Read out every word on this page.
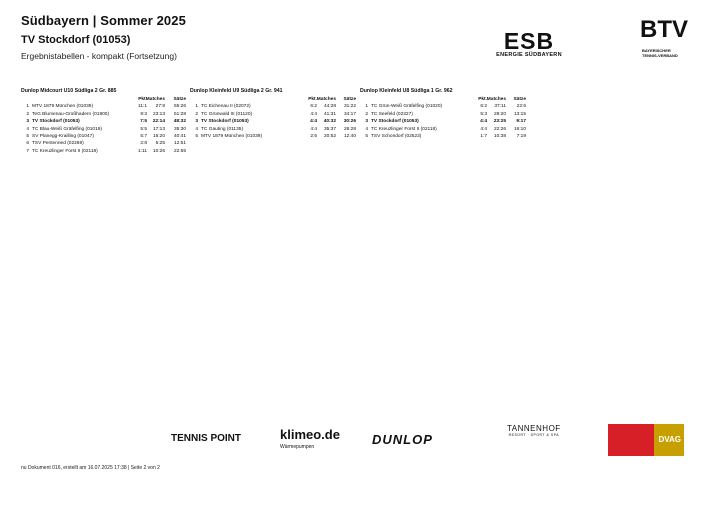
Südbayern | Sommer 2025
TV Stockdorf (01053)
Ergebnistabellen - kompakt (Fortsetzung)
ESB
ENERGIE SÜDBAYERN
BTV
BAYERISCHER
TENNIS-VERBAND
Dunlop Midcourt U10 Südliga 2 Gr. 885
Pkt.
Matches	Sätze
1 MTV 1879 München (01039)	11:1	27:9	55:26
2 TeG Blumenau-Großhadern (01800)	9:3	23:13	51:28
3 TV Stockdorf (01053)	7:5	22:14	48:32
4 TC Blau-Weiß Gräfelfing (01019)	5:5	17:13	35:30
5 SV Planegg-Krailling (01047)	5:7	16:20	40:41
6 TSV Pentenried (02269)	2:8	5:25	12:51
7 TC Kreuzlinger Forst II (02118)	1:11	10:26	22:55
Dunlop Kleinfeld U9 Südliga 2 Gr. 941
Pkt. Matches	Sätze
1 TC Eichenau II (02072)	6:2	44:28	31:22
2 TC Grünwald III (01120)	4:4	41:31	34:17
3 TV Stockdorf (01053)	4:4	40:32	30:26
4 TC Gauting (01135)	4:4	35:37	26:28
5 MTV 1879 München (01039)	2:6	20:52	12:40
Dunlop Kleinfeld U8 Südliga 1 Gr. 962
Pkt. Matches	Sätze
1 TC Grün-Weiß Gräfelfing (01020)	6:2	37:11	22:6
2 TC Seefeld (02327)	5:3	28:20	13:15
3 TV Stockdorf (01053)	4:4	23:25	9:17
4 TC Kreuzlinger Forst II (02118)	4:4	22:26	16:10
5 TSV Schondorf (02523)	1:7	10:38	7:19
TENNIS POINT	klimeo.de
Wärmepumpen	DUNLOP
TANNENHOF
RESORT · SPORT & SPA	DVAG
nu Dokument 016, erstellt am 16.07.2025 17:38 | Seite 2 von 2
